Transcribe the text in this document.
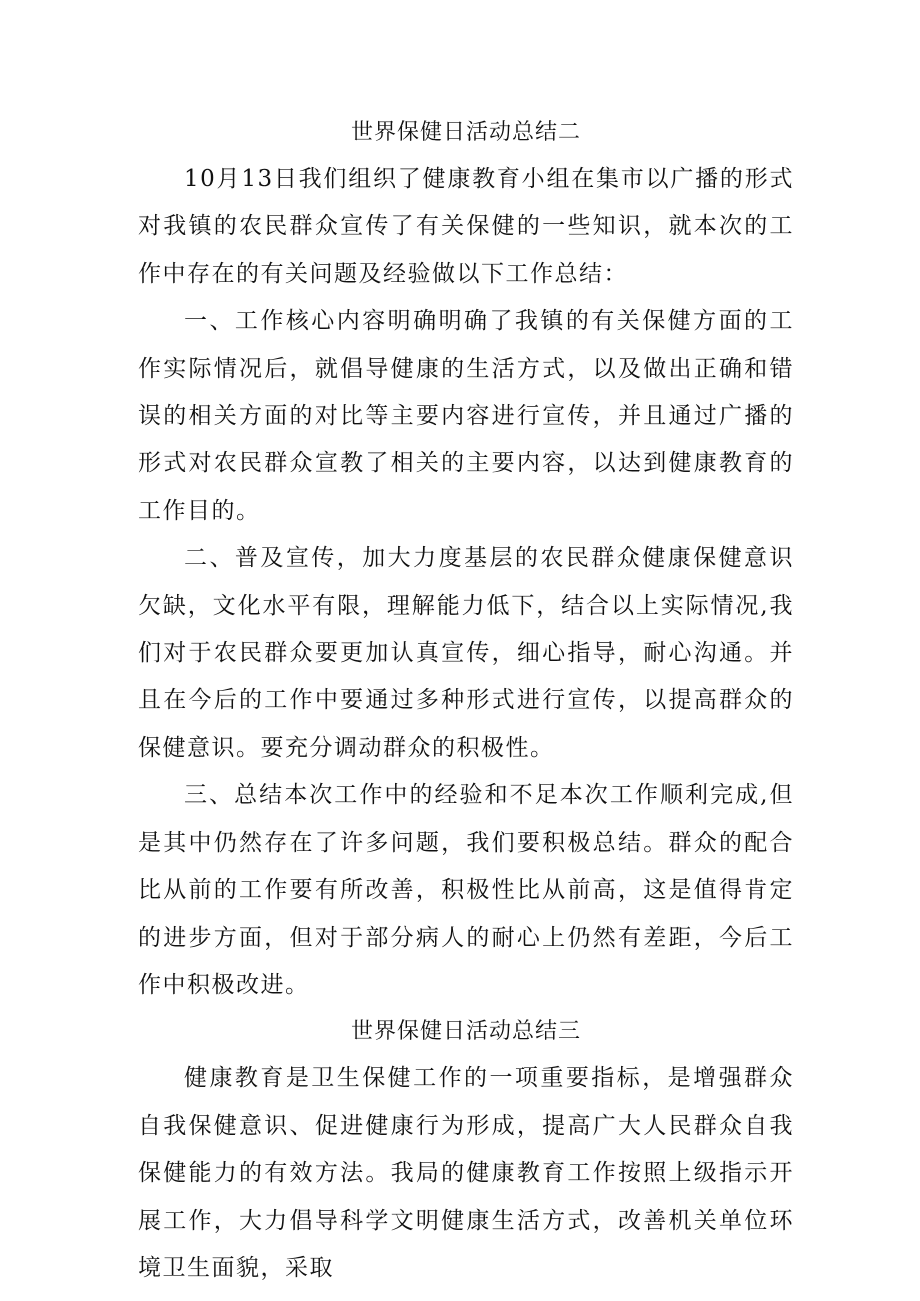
世界保健日活动总结二

10月13日我们组织了健康教育小组在集市以广播的形式对我镇的农民群众宣传了有关保健的一些知识，就本次的工作中存在的有关问题及经验做以下工作总结：

一、工作核心内容明确明确了我镇的有关保健方面的工作实际情况后，就倡导健康的生活方式，以及做出正确和错误的相关方面的对比等主要内容进行宣传，并且通过广播的形式对农民群众宣教了相关的主要内容，以达到健康教育的工作目的。

二、普及宣传，加大力度基层的农民群众健康保健意识欠缺，文化水平有限，理解能力低下，结合以上实际情况,我们对于农民群众要更加认真宣传，细心指导，耐心沟通。并且在今后的工作中要通过多种形式进行宣传，以提高群众的保健意识。要充分调动群众的积极性。

三、总结本次工作中的经验和不足本次工作顺利完成,但是其中仍然存在了许多问题，我们要积极总结。群众的配合比从前的工作要有所改善，积极性比从前高，这是值得肯定的进步方面，但对于部分病人的耐心上仍然有差距，今后工作中积极改进。

世界保健日活动总结三

健康教育是卫生保健工作的一项重要指标，是增强群众自我保健意识、促进健康行为形成，提高广大人民群众自我保健能力的有效方法。我局的健康教育工作按照上级指示开展工作，大力倡导科学文明健康生活方式，改善机关单位环境卫生面貌，采取
